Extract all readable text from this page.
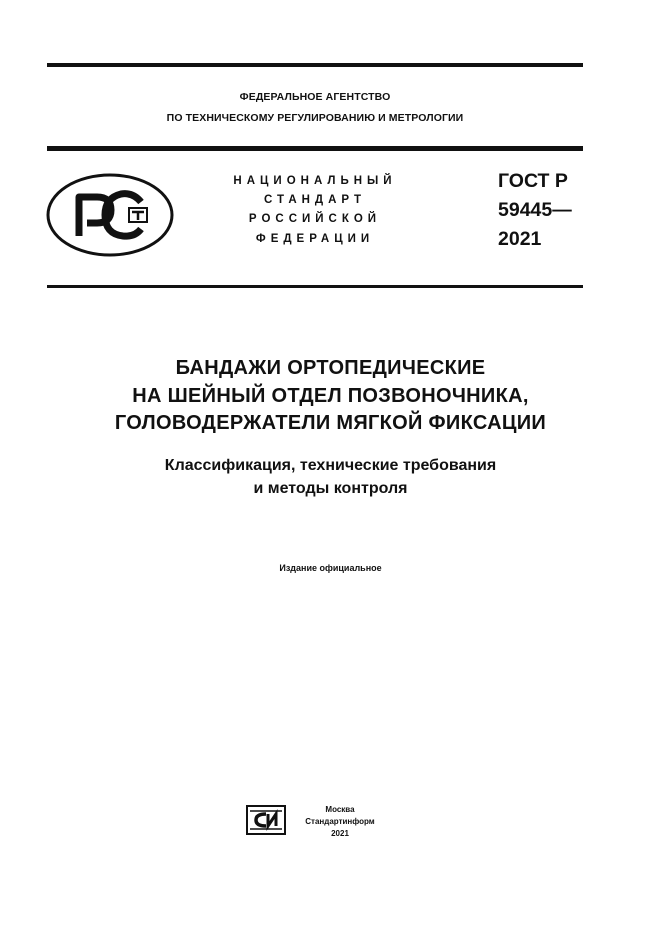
ФЕДЕРАЛЬНОЕ АГЕНТСТВО
ПО ТЕХНИЧЕСКОМУ РЕГУЛИРОВАНИЮ И МЕТРОЛОГИИ
НАЦИОНАЛЬНЫЙ
СТАНДАРТ
РОССИЙСКОЙ
ФЕДЕРАЦИИ
ГОСТ Р
59445—
2021
БАНДАЖИ ОРТОПЕДИЧЕСКИЕ
НА ШЕЙНЫЙ ОТДЕЛ ПОЗВОНОЧНИКА,
ГОЛОВОДЕРЖАТЕЛИ МЯГКОЙ ФИКСАЦИИ
Классификация, технические требования
и методы контроля
Издание официальное
Москва
Стандартинформ
2021
